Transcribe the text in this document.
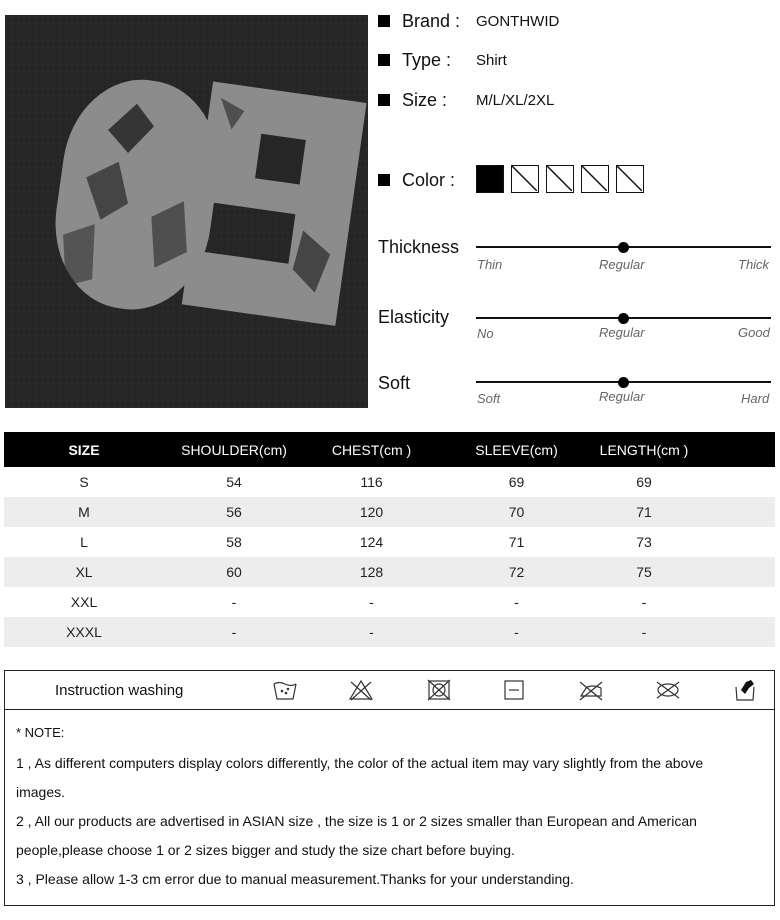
Brand : GONTHWID
Type : Shirt
Size : M/L/XL/2XL
Color :
Thickness
Thin	Regular	Thick
Elasticity
No	Regular	Good
Soft
Soft	Regular	Hard
SIZE	SHOULDER(cm)	CHEST(cm )	SLEEVE(cm)	LENGTH(cm )
S	54	116	69	69
M	56	120	70	71
L	58	124	71	73
XL	60	128	72	75
XXL	-	-	-	-
XXXL	-	-	-	-
Instruction washing
* NOTE:
1 , As different computers display colors differently, the color of the actual item may vary slightly from the above
images.
2 , All our products are advertised in ASIAN size , the size is 1 or 2 sizes smaller than European and American
people,please choose 1 or 2 sizes bigger and study the size chart before buying.
3 , Please allow 1-3 cm error due to manual measurement.Thanks for your understanding.
